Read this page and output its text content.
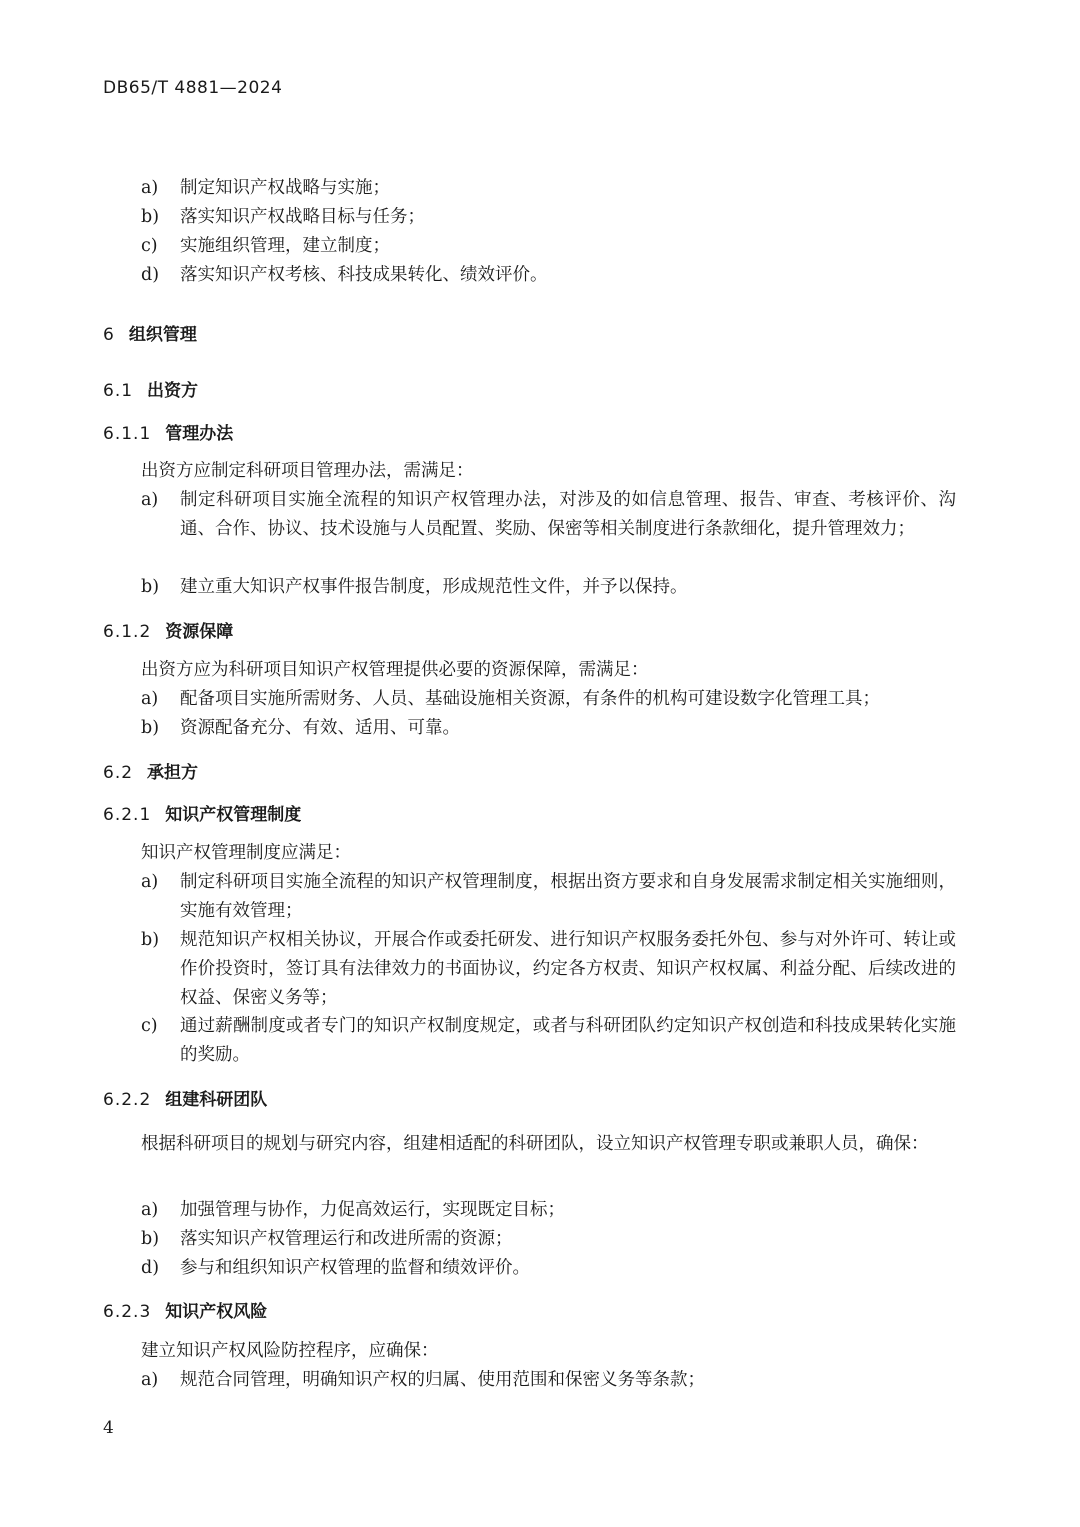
DB65/T 4881—2024
a)	制定知识产权战略与实施；
b)	落实知识产权战略目标与任务；
c)	实施组织管理，建立制度；
d)	落实知识产权考核、科技成果转化、绩效评价。
6 组织管理
6.1 出资方
6.1.1 管理办法
出资方应制定科研项目管理办法，需满足：
a)	制定科研项目实施全流程的知识产权管理办法，对涉及的如信息管理、报告、审查、考核评价、沟通、合作、协议、技术设施与人员配置、奖励、保密等相关制度进行条款细化，提升管理效力；
b)	建立重大知识产权事件报告制度，形成规范性文件，并予以保持。
6.1.2 资源保障
出资方应为科研项目知识产权管理提供必要的资源保障，需满足：
a)	配备项目实施所需财务、人员、基础设施相关资源，有条件的机构可建设数字化管理工具；
b)	资源配备充分、有效、适用、可靠。
6.2 承担方
6.2.1 知识产权管理制度
知识产权管理制度应满足：
a)	制定科研项目实施全流程的知识产权管理制度，根据出资方要求和自身发展需求制定相关实施细则，实施有效管理；
b)	规范知识产权相关协议，开展合作或委托研发、进行知识产权服务委托外包、参与对外许可、转让或作价投资时，签订具有法律效力的书面协议，约定各方权责、知识产权权属、利益分配、后续改进的权益、保密义务等；
c)	通过薪酬制度或者专门的知识产权制度规定，或者与科研团队约定知识产权创造和科技成果转化实施的奖励。
6.2.2 组建科研团队
根据科研项目的规划与研究内容，组建相适配的科研团队，设立知识产权管理专职或兼职人员，确保：
a)	加强管理与协作，力促高效运行，实现既定目标；
b)	落实知识产权管理运行和改进所需的资源；
d)	参与和组织知识产权管理的监督和绩效评价。
6.2.3 知识产权风险
建立知识产权风险防控程序，应确保：
a)	规范合同管理，明确知识产权的归属、使用范围和保密义务等条款；
4
